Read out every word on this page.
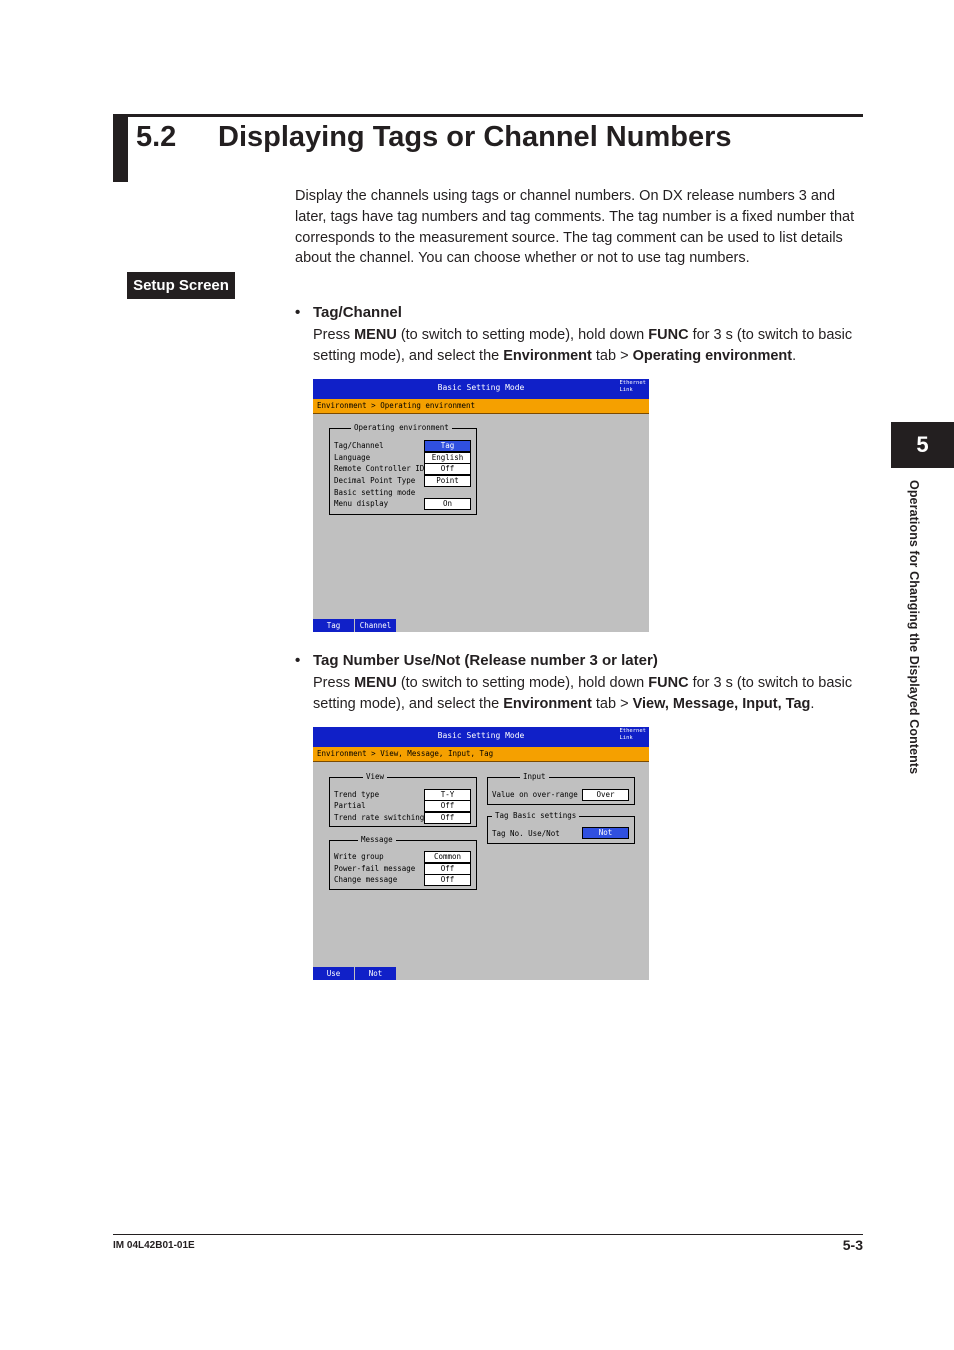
5.2 Displaying Tags or Channel Numbers
Display the channels using tags or channel numbers. On DX release numbers 3 and later, tags have tag numbers and tag comments. The tag number is a fixed number that corresponds to the measurement source. The tag comment can be used to list details about the channel. You can choose whether or not to use tag numbers.
Setup Screen
• Tag/Channel
Press MENU (to switch to setting mode), hold down FUNC for 3 s (to switch to basic setting mode), and select the Environment tab > Operating environment.
Basic Setting Mode	Ethernet
Link
Environment > Operating environment
Operating environment
Tag/Channel	Tag
Language	English
Remote Controller ID	Off
Decimal Point Type	Point
Basic setting mode
Menu display	On
Tag	Channel
• Tag Number Use/Not (Release number 3 or later)
Press MENU (to switch to setting mode), hold down FUNC for 3 s (to switch to basic setting mode), and select the Environment tab > View, Message, Input, Tag.
Basic Setting Mode	Ethernet
Link
Environment > View, Message, Input, Tag
View
Trend type	T-Y
Partial	Off
Trend rate switching	Off
Message
Write group	Common
Power-fail message	Off
Change message	Off
Input
Value on over-range	Over
Tag Basic settings
Tag No. Use/Not	Not
Use	Not
5
Operations for Changing the Displayed Contents
IM 04L42B01-01E	5-3
